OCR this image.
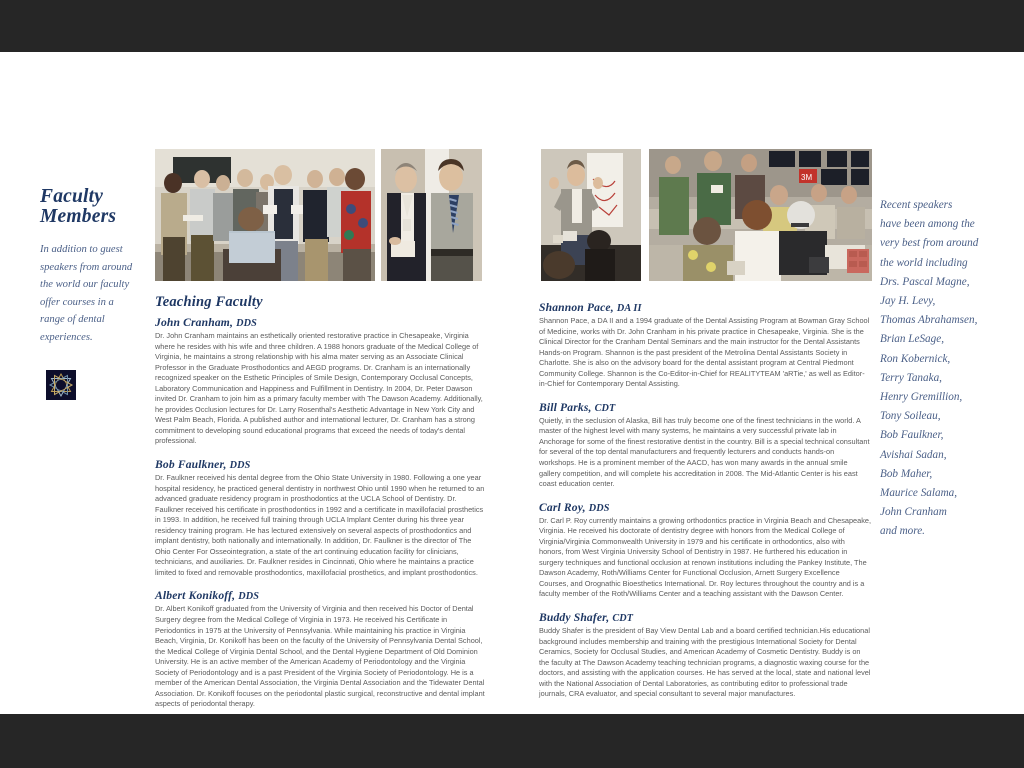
Faculty
Members

In addition to guest
speakers from around
the world our faculty
offer courses in a
range of dental
experiences.

3M
Teaching Faculty
John Cranham, DDS

Dr. John Cranham maintains an esthetically oriented restorative practice in Chesapeake, Virginia where he resides with his wife and three children. A 1988 honors graduate of the Medical College of Virginia, he maintains a strong relationship with his alma mater serving as an Associate Clinical Professor in the Graduate Prosthodontics and AEGD programs. Dr. Cranham is an internationally recognized speaker on the Esthetic Principles of Smile Design, Contemporary Occlusal Concepts, Laboratory Communication and Happiness and Fulfillment in Dentistry. In 2004, Dr. Peter Dawson invited Dr. Cranham to join him as a primary faculty member with The Dawson Academy. Additionally, he provides Occlusion lectures for Dr. Larry Rosenthal's Aesthetic Advantage in New York City and West Palm Beach, Florida. A published author and international lecturer, Dr. Cranham has a strong commitment to developing sound educational programs that exceed the needs of today's dental professional.

Bob Faulkner, DDS

Dr. Faulkner received his dental degree from the Ohio State University in 1980. Following a one year hospital residency, he practiced general dentistry in northwest Ohio until 1990 when he returned to an advanced graduate residency program in prosthodontics at the UCLA School of Dentistry. Dr. Faulkner received his certificate in prosthodontics in 1992 and a certificate in maxillofacial prosthetics in 1993. In addition, he received full training through UCLA Implant Center during his three year residency training program. He has lectured extensively on several aspects of prosthodontics and implant dentistry, both nationally and internationally. In addition, Dr. Faulkner is the director of The Ohio Center For Osseointegration, a state of the art continuing education facility for clinicians, technicians, and auxiliaries. Dr. Faulkner resides in Cincinnati, Ohio where he maintains a practice limited to fixed and removable prosthodontics, maxillofacial prosthetics, and implant prosthodontics.

Albert Konikoff, DDS

Dr. Albert Konikoff graduated from the University of Virginia and then received his Doctor of Dental Surgery degree from the Medical College of Virginia in 1973. He received his Certificate in Periodontics in 1975 at the University of Pennsylvania. While maintaining his practice in Virginia Beach, Virginia, Dr. Konikoff has been on the faculty of the University of Pennsylvania Dental School, the Medical College of Virginia Dental School, and the Dental Hygiene Department of Old Dominion University. He is an active member of the American Academy of Periodontology and the Virginia Society of Periodontology and is a past President of the Virginia Society of Periodontology. He is a member of the American Dental Association, the Virginia Dental Association and the Tidewater Dental Association. Dr. Konikoff focuses on the periodontal plastic surgical, reconstructive and dental implant aspects of periodontal therapy.

Shannon Pace, DA II

Shannon Pace, a DA II and a 1994 graduate of the Dental Assisting Program at Bowman Gray School of Medicine, works with Dr. John Cranham in his private practice in Chesapeake, Virginia. She is the Clinical Director for the Cranham Dental Seminars and the main instructor for the Dental Assistants Hands-on Program. Shannon is the past president of the Metrolina Dental Assistants Society in Charlotte. She is also on the advisory board for the dental assistant program at Central Piedmont Community College. Shannon is the Co-Editor-in-Chief for REALITYTEAM 'aRTie,' as well as Editor-in-Chief for Contemporary Dental Assisting.

Bill Parks, CDT

Quietly, in the seclusion of Alaska, Bill has truly become one of the finest technicians in the world. A master of the highest level with many systems, he maintains a very successful private lab in Anchorage for some of the finest restorative dentist in the country. Bill is a special technical consultant for several of the top dental manufacturers and frequently lecturers and conducts hands-on workshops. He is a prominent member of the AACD, has won many awards in the annual smile gallery competition, and will complete his accreditation in 2008. The Mid-Atlantic Center is his east coast education center.

Carl Roy, DDS

Dr. Carl P. Roy currently maintains a growing orthodontics practice in Virginia Beach and Chesapeake, Virginia. He received his doctorate of dentistry degree with honors from the Medical College of Virginia/Virginia Commonwealth University in 1979 and his certificate in orthodontics, also with honors, from West Virginia University School of Dentistry in 1987. He furthered his education in surgery techniques and functional occlusion at renown institutions including the Pankey Institute, The Dawson Academy, Roth/Williams Center for Functional Occlusion, Arnett Surgery Excellence Courses, and Orognathic Bioesthetics International. Dr. Roy lectures throughout the country and is a faculty member of the Roth/Williams Center and a teaching assistant with the Dawson Center.

Buddy Shafer, CDT

Buddy Shafer is the president of Bay View Dental Lab and a board certified technician.His educational background includes membership and training with the prestigious International Society for Dental Ceramics, Society for Occlusal Studies, and American Academy of Cosmetic Dentistry. Buddy is on the faculty at The Dawson Academy teaching technician programs, a diagnostic waxing course for the doctors, and assisting with the application courses. He has served at the local, state and national level with the National Association of Dental Laboratories, as contributing editor to professional trade journals, CRA evaluator, and special consultant to several major manufactures.

Recent speakers
have been among the
very best from around
the world including
Drs. Pascal Magne,
Jay H. Levy,
Thomas Abrahamsen,
Brian LeSage,
Ron Kobernick,
Terry Tanaka,
Henry Gremillion,
Tony Soileau,
Bob Faulkner,
Avishai Sadan,
Bob Maher,
Maurice Salama,
John Cranham
and more.
